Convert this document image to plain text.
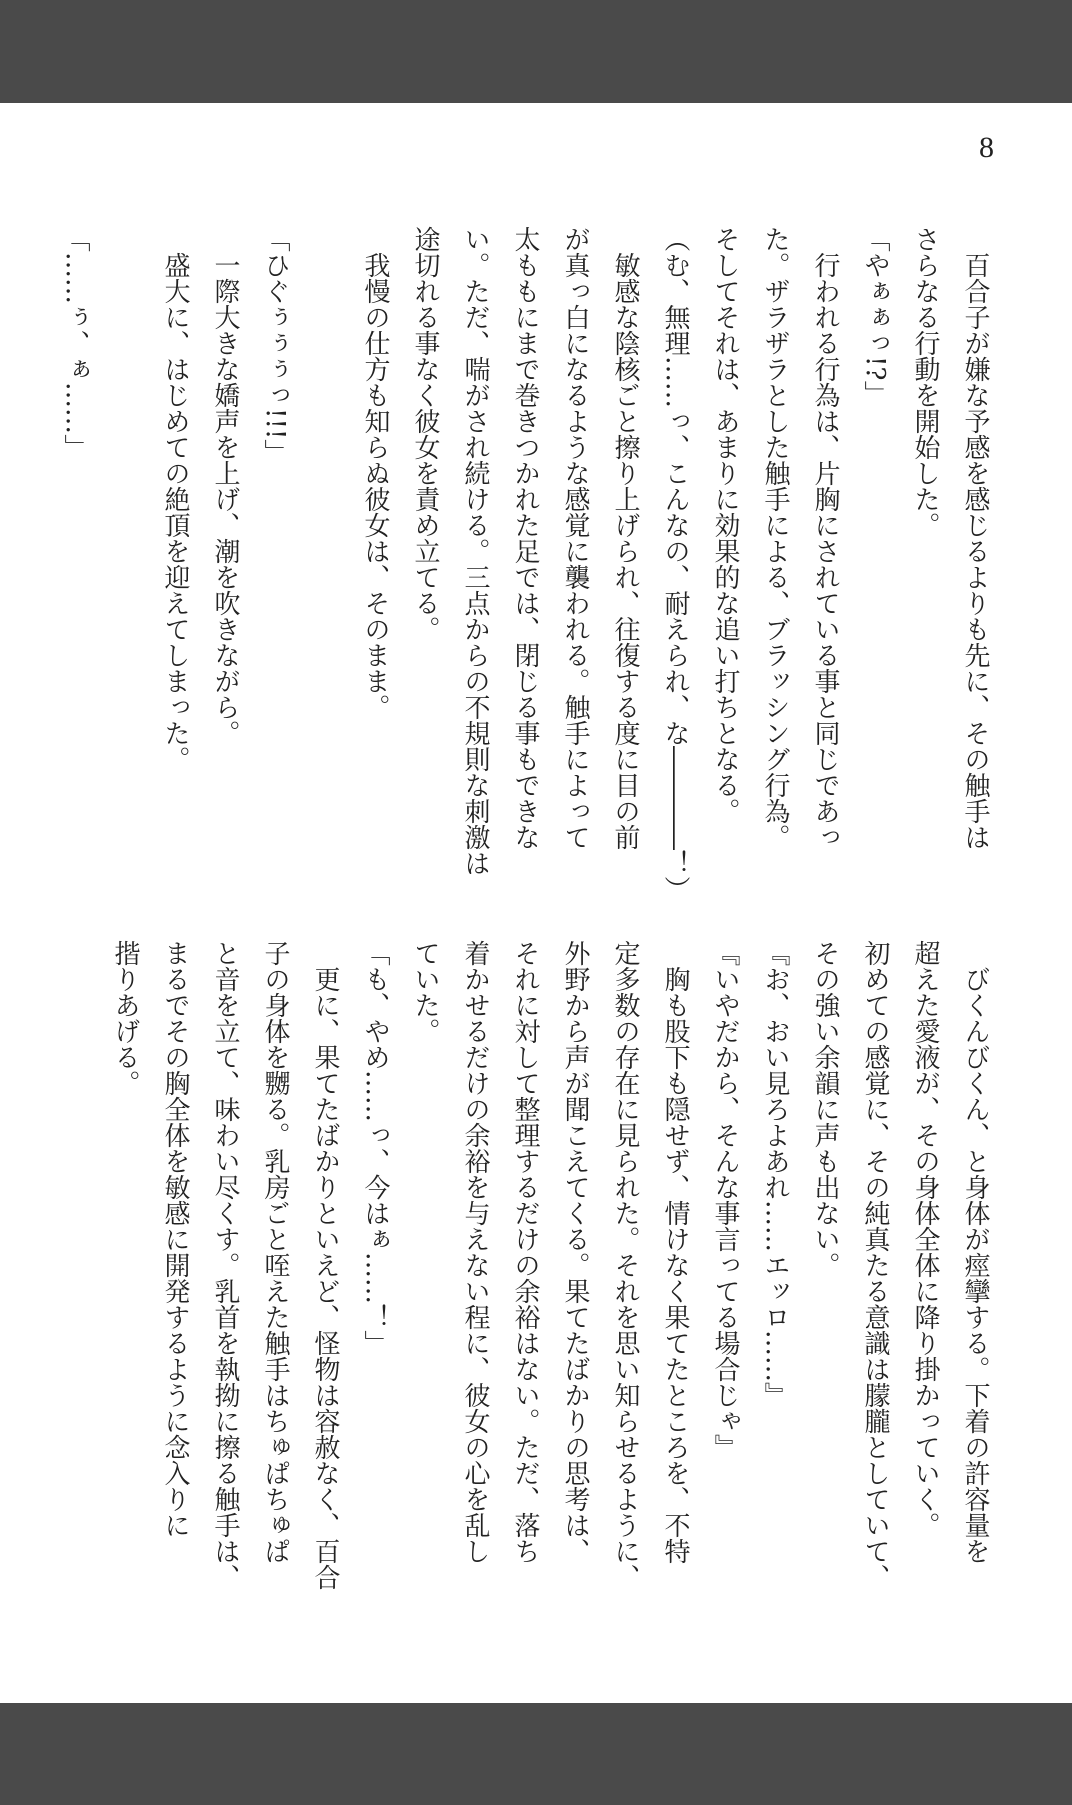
8
　百合子が嫌な予感を感じるよりも先に、その触手は
さらなる行動を開始した。
「やぁぁっ!?」
　行われる行為は、片胸にされている事と同じであっ
た。ザラザラとした触手による、ブラッシング行為。
そしてそれは、あまりに効果的な追い打ちとなる。
（む、無理……っ、こんなの、耐えられ、な――――！）
　敏感な陰核ごと擦り上げられ、往復する度に目の前
が真っ白になるような感覚に襲われる。触手によって
太ももにまで巻きつかれた足では、閉じる事もできな
い。ただ、喘がされ続ける。三点からの不規則な刺激は
途切れる事なく彼女を責め立てる。
　我慢の仕方も知らぬ彼女は、そのまま。

「ひぐぅぅぅっ!!!」
　一際大きな嬌声を上げ、潮を吹きながら。
　盛大に、はじめての絶頂を迎えてしまった。

「……ぅ、ぁ……」
　びくんびくん、と身体が痙攣する。下着の許容量を
超えた愛液が、その身体全体に降り掛かっていく。
初めての感覚に、その純真たる意識は朦朧としていて、
その強い余韻に声も出ない。
『お、おい見ろよあれ……エッロ……』
『いやだから、そんな事言ってる場合じゃ』
　胸も股下も隠せず、情けなく果てたところを、不特
定多数の存在に見られた。それを思い知らせるように、
外野から声が聞こえてくる。果てたばかりの思考は、
それに対して整理するだけの余裕はない。ただ、落ち
着かせるだけの余裕を与えない程に、彼女の心を乱し
ていた。
「も、やめ……っ、今はぁ……！」
　更に、果てたばかりといえど、怪物は容赦なく、百合
子の身体を嬲る。乳房ごと咥えた触手はちゅぱちゅぱ
と音を立て、味わい尽くす。乳首を執拗に擦る触手は、
まるでその胸全体を敏感に開発するように念入りに
揩りあげる。
